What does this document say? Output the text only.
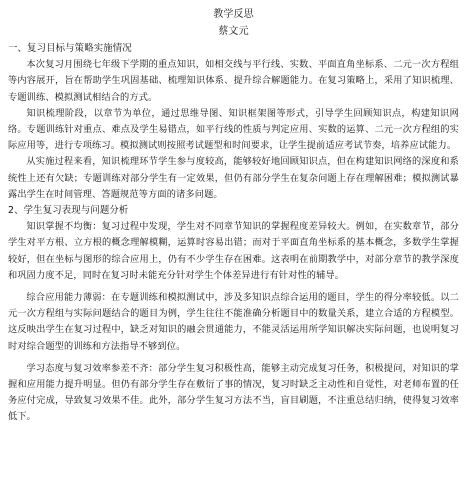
教学反思

蔡文元

一、复习目标与策略实施情况

本次复习月围绕七年级下学期的重点知识，如相交线与平行线、实数、平面直角坐标系、二元一次方程组等内容展开，旨在帮助学生巩固基础、梳理知识体系、提升综合解题能力。在复习策略上，采用了知识梳理、专题训练、模拟测试相结合的方式。

知识梳理阶段，以章节为单位，通过思维导图、知识框架图等形式，引导学生回顾知识点，构建知识网络。专题训练针对重点、难点及学生易错点，如平行线的性质与判定应用、实数的运算、二元一次方程组的实际应用等，进行专项练习。模拟测试则按照考试题型和时间要求，让学生提前适应考试节奏，培养应试能力。

从实施过程来看，知识梳理环节学生参与度较高，能够较好地回顾知识点，但在构建知识网络的深度和系统性上还有欠缺；专题训练对部分学生有一定效果，但仍有部分学生在复杂问题上存在理解困难；模拟测试暴露出学生在时间管理、答题规范等方面的诸多问题。

2、学生复习表现与问题分析

知识掌握不均衡：复习过程中发现，学生对不同章节知识的掌握程度差异较大。例如，在实数章节，部分学生对平方根、立方根的概念理解模糊，运算时容易出错；而对于平面直角坐标系的基本概念，多数学生掌握较好，但在坐标与图形的综合应用上，仍有不少学生存在困难。这表明在前期教学中，对部分章节的教学深度和巩固力度不足，同时在复习时未能充分针对学生个体差异进行有针对性的辅导。

综合应用能力薄弱：在专题训练和模拟测试中，涉及多知识点综合运用的题目，学生的得分率较低。以二元一次方程组与实际问题结合的题目为例，学生往往不能准确分析题目中的数量关系，建立合适的方程模型。这反映出学生在复习过程中，缺乏对知识的融会贯通能力，不能灵活运用所学知识解决实际问题，也说明复习时对综合题型的训练和方法指导不够到位。

学习态度与复习效率参差不齐：部分学生复习积极性高，能够主动完成复习任务，积极提问，对知识的掌握和应用能力提升明显。但仍有部分学生存在敷衍了事的情况，复习时缺乏主动性和自觉性，对老师布置的任务应付完成，导致复习效果不佳。此外，部分学生复习方法不当，盲目刷题，不注重总结归纳，使得复习效率低下。
